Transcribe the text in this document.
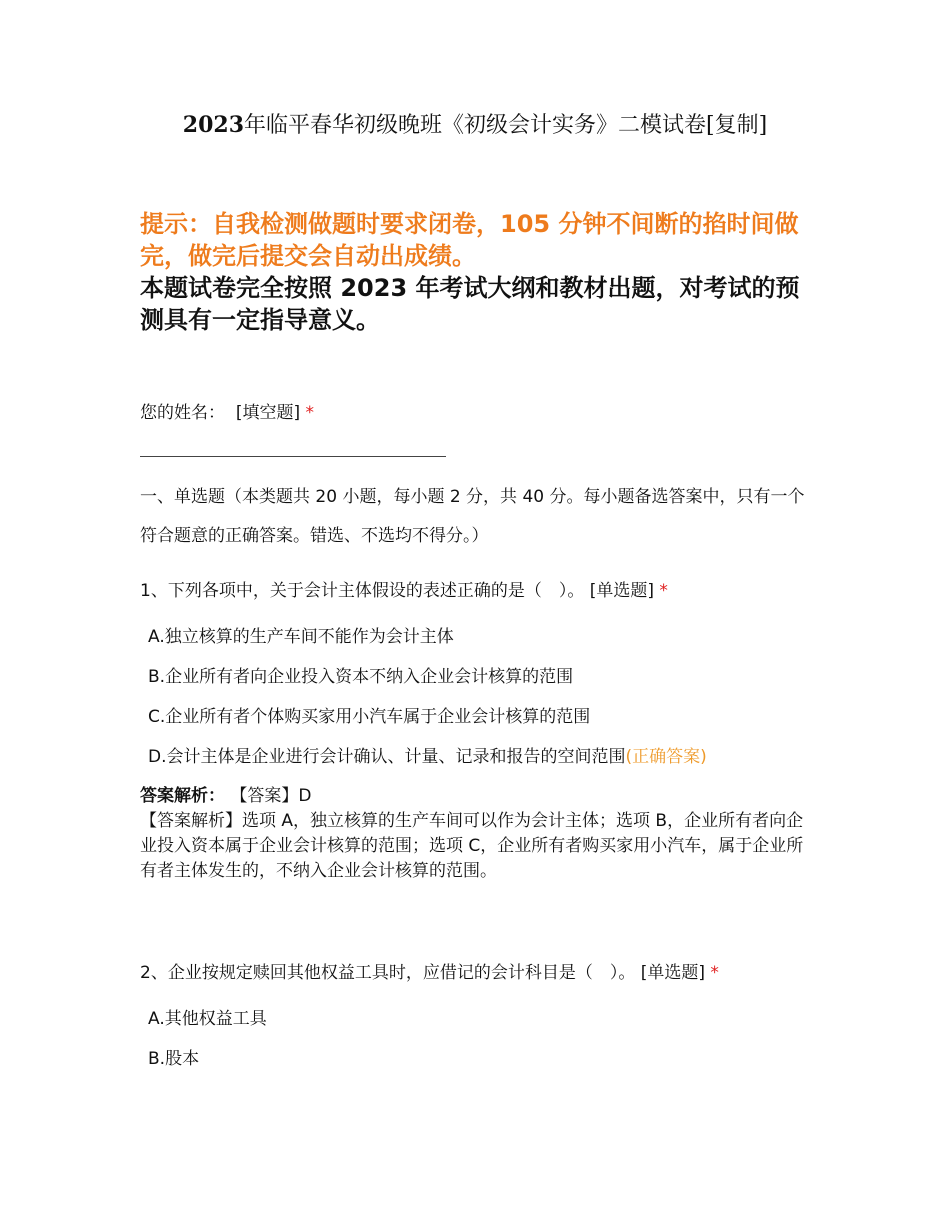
2023年临平春华初级晚班《初级会计实务》二模试卷[复制]
提示：自我检测做题时要求闭卷，105 分钟不间断的掐时间做完，做完后提交会自动出成绩。
本题试卷完全按照 2023 年考试大纲和教材出题，对考试的预测具有一定指导意义。
您的姓名： [填空题] *
一、单选题（本类题共 20 小题，每小题 2 分，共 40 分。每小题备选答案中，只有一个符合题意的正确答案。错选、不选均不得分。）
1、下列各项中，关于会计主体假设的表述正确的是（　）。 [单选题] *
A.独立核算的生产车间不能作为会计主体
B.企业所有者向企业投入资本不纳入企业会计核算的范围
C.企业所有者个体购买家用小汽车属于企业会计核算的范围
D.会计主体是企业进行会计确认、计量、记录和报告的空间范围(正确答案)
答案解析： 【答案】D
【答案解析】选项 A，独立核算的生产车间可以作为会计主体；选项 B，企业所有者向企业投入资本属于企业会计核算的范围；选项 C，企业所有者购买家用小汽车，属于企业所有者主体发生的，不纳入企业会计核算的范围。
2、企业按规定赎回其他权益工具时，应借记的会计科目是（　）。 [单选题] *
A.其他权益工具
B.股本
